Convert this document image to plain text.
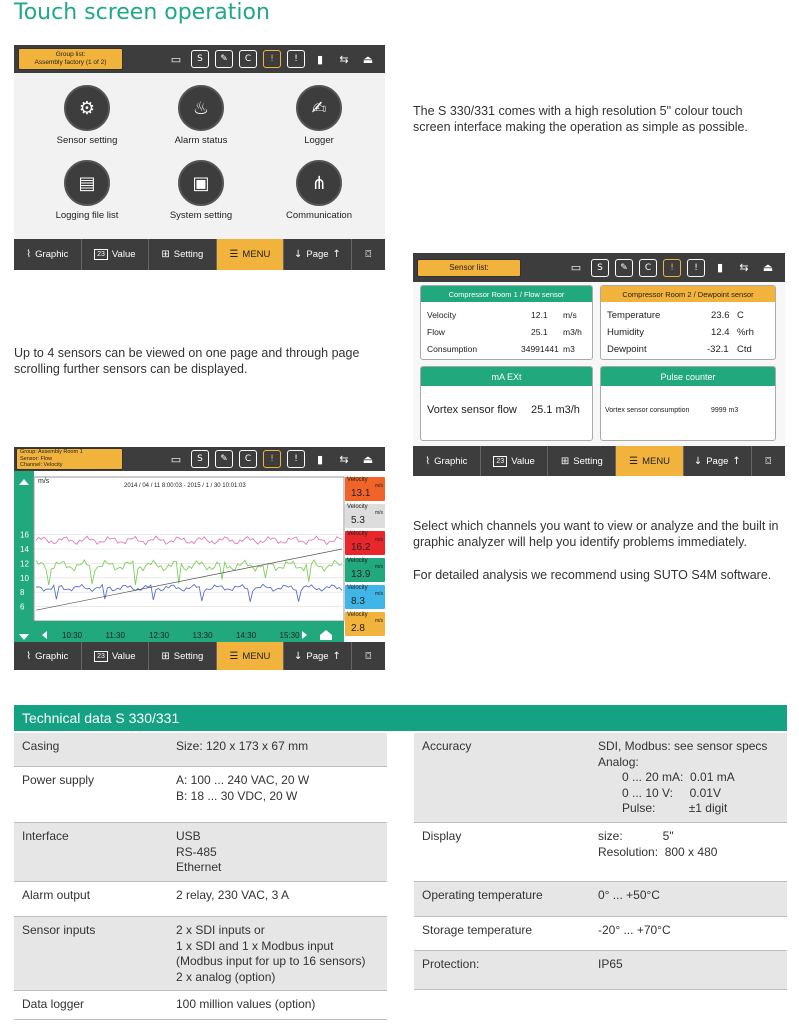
Touch screen operation
Group list:
Assembly factory (1 of 2)	▭	S	✎	C	!	!	▮	⇆	⏏
⚙
Sensor setting
♨
Alarm status
✍
Logger
▤
Logging file list
▣
System setting
⋔
Communication
⌇ Graphic	23 Value	⊞ Setting	☰ MENU ↓ Page ↑ ⌼
The S 330/331 comes with a high resolution 5" colour touch screen interface making the operation as simple as possible.
Sensor list:	▭	S	✎	C	!	!	▮	⇆	⏏
Compressor Room 1 / Flow sensor
Velocity	12.1 m/s
Flow	25.1 m3/h
Consumption	34991441 m3
Compressor Room 2 / Dewpoint sensor
Temperature	23.6 C
Humidity	12.4 %rh
Dewpoint	-32.1 Ctd
mA EXt
Vortex sensor flow 25.1 m3/h
Pulse counter
Vortex sensor consumption	9999 m3
⌇ Graphic	23 Value	⊞ Setting	☰ MENU ↓ Page ↑ ⌼
Up to 4 sensors can be viewed on one page and through page scrolling further sensors can be displayed.
Group: Assembly Room 1
Sensor: Flow
Channel: Velocity	▭	S	✎	C	!	!	▮	⇆	⏏
m/s
2014 / 04 / 11 8:00:03 - 2015 / 1 / 30 10:01:03
16
14
12
10
8
6
10:30	11:30	12:30	13:30	14:30	15:30
Velocity
m/s
13.1
Velocity
m/s
5.3
Velocity
m/s
16.2
Velocity
m/s
13.9
Velocity
m/s
8.3
Velocity
m/s
2.8
⌇ Graphic	23 Value	⊞ Setting	☰ MENU ↓ Page ↑ ⌼
Select which channels you want to view or analyze and the built in graphic analyzer will help you identify problems immediately.
For detailed analysis we recommend using SUTO S4M software.
Technical data S 330/331
Casing	Size: 120 x 173 x 67 mm
Power supply	A: 100 ... 240 VAC, 20 W
B: 18 ... 30 VDC, 20 W
Interface	USB
RS-485
Ethernet
Alarm output	2 relay, 230 VAC, 3 A
Sensor inputs	2 x SDI inputs or
1 x SDI and 1 x Modbus input
(Modbus input for up to 16 sensors)
2 x analog (option)
Data logger	100 million values (option)
Accuracy	SDI, Modbus: see sensor specs
Analog:
0 ... 20 mA:  0.01 mA
0 ... 10 V:     0.01V
Pulse:          ±1 digit
Display	size:            5"
Resolution:  800 x 480
Operating temperature	0° ... +50°C
Storage temperature	-20° ... +70°C
Protection:	IP65
